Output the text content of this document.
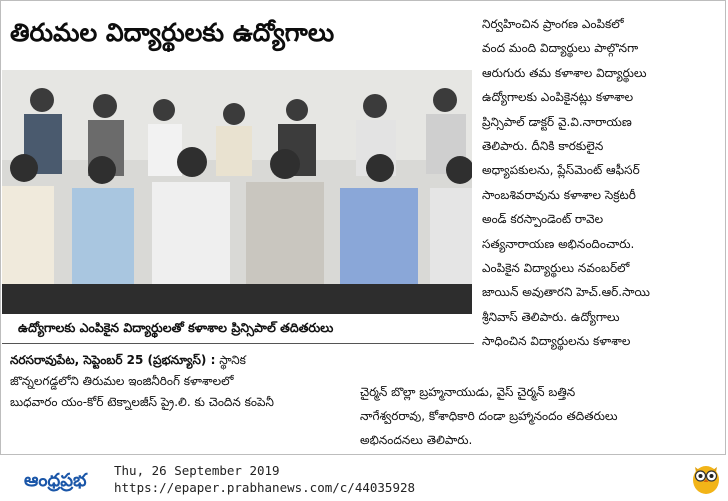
తిరుమల విద్యార్థులకు ఉద్యోగాలు
ఉద్యోగాలకు ఎంపికైన విద్యార్థులతో కళాశాల ప్రిన్సిపాల్ తదితరులు
నరసరావుపేట, సెప్టెంబర్ 25 (ప్రభన్యూస్) : స్థానిక
జొన్నలగడ్డలోని తిరుమల ఇంజినీరింగ్ కళాశాలలో
బుధవారం యం-కోర్ టెక్నాలజీస్ ప్రై.లి. కు చెందిన కంపెనీ
నిర్వహించిన ప్రాంగణ ఎంపికలో
వంద మంది విద్యార్థులు పాల్గొనగా
ఆరుగురు తమ కళాశాల విద్యార్థులు
ఉద్యోగాలకు ఎంపికైనట్లు కళాశాల
ప్రిన్సిపాల్ డాక్టర్ వై.వి.నారాయణ
తెలిపారు. దీనికి కారకులైన
అధ్యాపకులను, ప్లేస్‌మెంట్ ఆఫీసర్
సాంబశివరావును కళాశాల సెక్రటరీ
అండ్ కరస్పాండెంట్ రావెల
సత్యనారాయణ అభినందించారు.
ఎంపికైన విద్యార్థులు నవంబర్‌లో
జాయిన్ అవుతారని హెచ్.ఆర్.సాయి
శ్రీనివాస్ తెలిపారు. ఉద్యోగాలు
సాధించిన విద్యార్థులను కళాశాల
చైర్మన్ బొల్లా బ్రహ్మనాయుడు, వైస్ చైర్మన్ బత్తిన
నాగేశ్వరరావు, కోశాధికారి దండా బ్రహ్మానందం తదితరులు
అభినందనలు తెలిపారు.
ఆంధ్రప్రభ Thu, 26 September 2019
https://epaper.prabhanews.com/c/44035928
